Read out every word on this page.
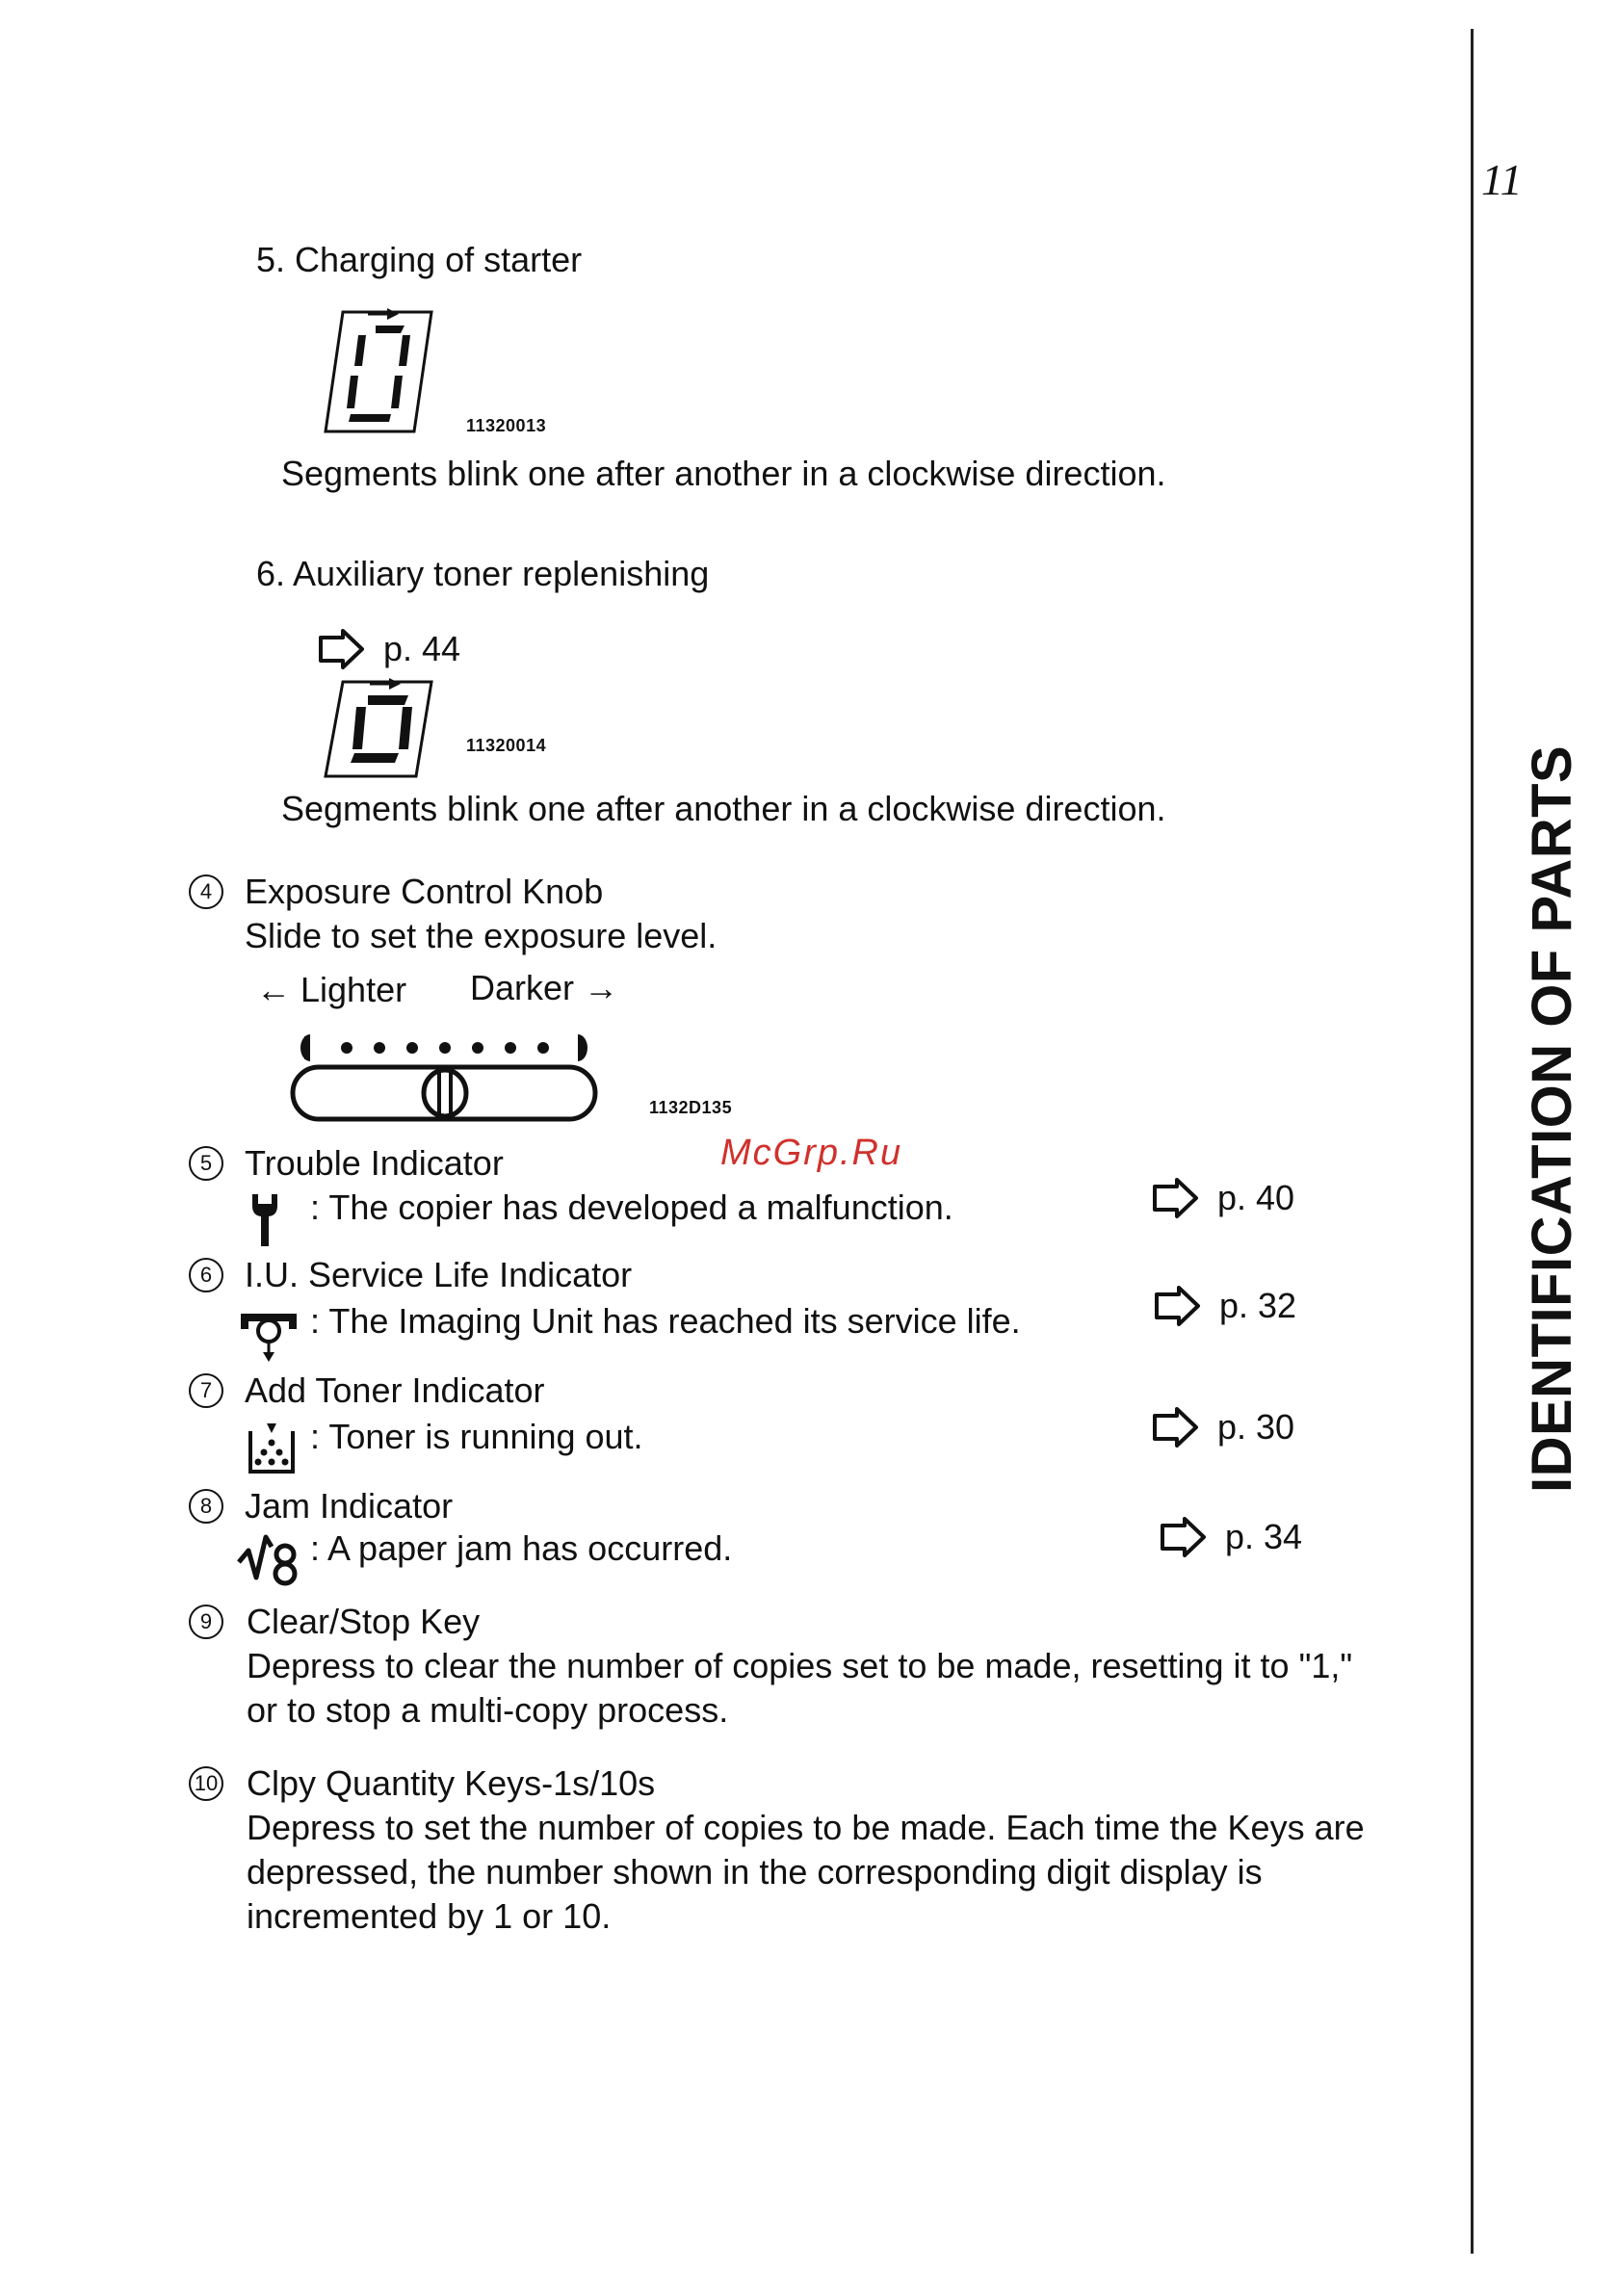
11
IDENTIFICATION OF PARTS
5. Charging of starter
11320013
Segments blink one after another in a clockwise direction.
6. Auxiliary toner replenishing
p. 44
11320014
Segments blink one after another in a clockwise direction.
4 Exposure Control Knob
Slide to set the exposure level.
← Lighter Darker →
1132D135
McGrp.Ru
5 Trouble Indicator
: The copier has developed a malfunction.	p. 40
6 I.U. Service Life Indicator
: The Imaging Unit has reached its service life.	p. 32
7 Add Toner Indicator
: Toner is running out.	p. 30
8 Jam Indicator
: A paper jam has occurred.	p. 34
9 Clear/Stop Key
Depress to clear the number of copies set to be made, resetting it to "1,"
or to stop a multi-copy process.
10 Clpy Quantity Keys-1s/10s
Depress to set the number of copies to be made. Each time the Keys are
depressed, the number shown in the corresponding digit display is
incremented by 1 or 10.
